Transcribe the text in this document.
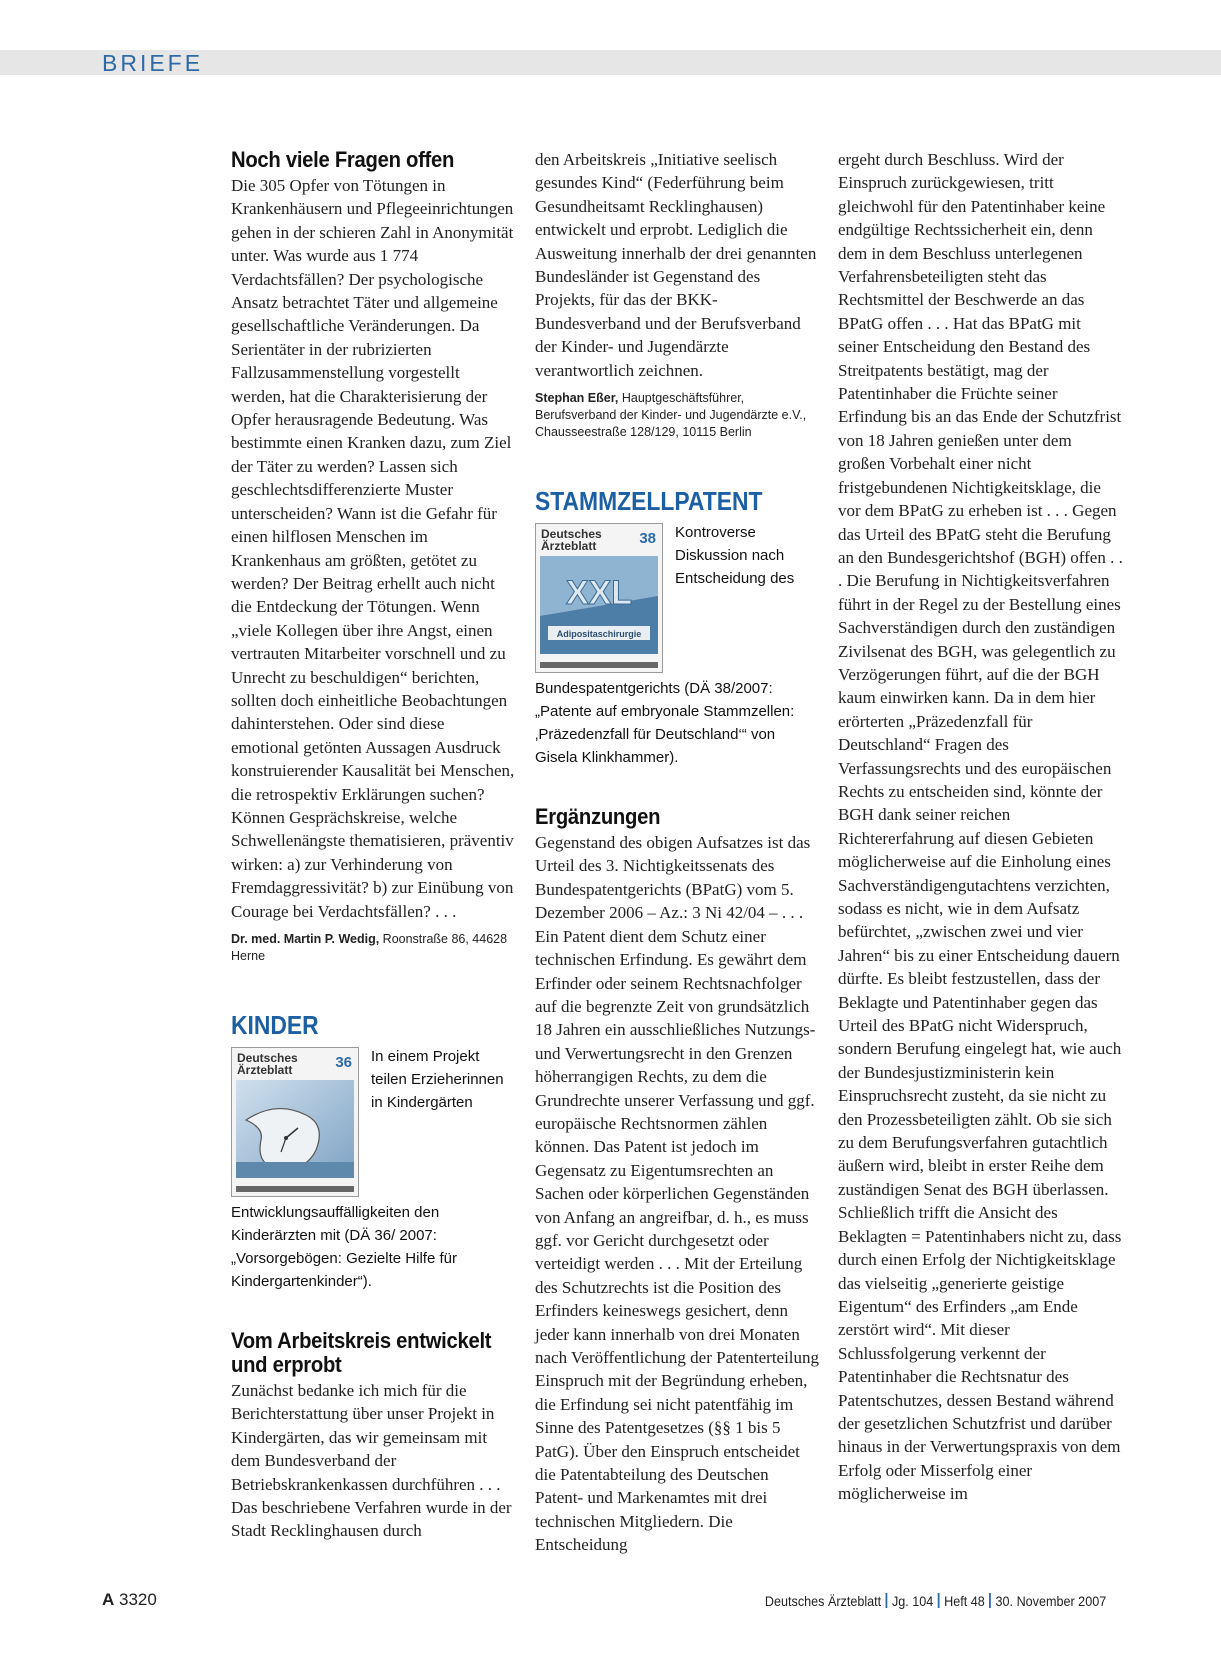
BRIEFE
Noch viele Fragen offen

Die 305 Opfer von Tötungen in Krankenhäusern und Pflegeeinrichtungen gehen in der schieren Zahl in Anonymität unter. Was wurde aus 1 774 Verdachtsfällen? Der psychologische Ansatz betrachtet Täter und allgemeine gesellschaftliche Veränderungen. Da Serientäter in der rubrizierten Fallzusammenstellung vorgestellt werden, hat die Charakterisierung der Opfer herausragende Bedeutung. Was bestimmte einen Kranken dazu, zum Ziel der Täter zu werden? Lassen sich geschlechtsdifferenzierte Muster unterscheiden? Wann ist die Gefahr für einen hilflosen Menschen im Krankenhaus am größten, getötet zu werden? Der Beitrag erhellt auch nicht die Entdeckung der Tötungen. Wenn „viele Kollegen über ihre Angst, einen vertrauten Mitarbeiter vorschnell und zu Unrecht zu beschuldigen“ berichten, sollten doch einheitliche Beobachtungen dahinterstehen. Oder sind diese emotional getönten Aussagen Ausdruck konstruierender Kausalität bei Menschen, die retrospektiv Erklärungen suchen? Können Gesprächskreise, welche Schwellenängste thematisieren, präventiv wirken: a) zur Verhinderung von Fremdaggressivität? b) zur Einübung von Courage bei Verdachtsfällen? . . .

Dr. med. Martin P. Wedig, Roonstraße 86, 44628 Herne

KINDER
Deutsches Ärzteblatt	36	In einem Projekt teilen Erzieherinnen in Kindergärten Entwicklungsauffälligkeiten den Kinderärzten mit (DÄ 36/ 2007: „Vorsorgebögen: Gezielte Hilfe für Kindergartenkinder“).

Vom Arbeitskreis entwickelt und erprobt

Zunächst bedanke ich mich für die Berichterstattung über unser Projekt in Kindergärten, das wir gemeinsam mit dem Bundesverband der Betriebskrankenkassen durchführen . . . Das beschriebene Verfahren wurde in der Stadt Recklinghausen durch

den Arbeitskreis „Initiative seelisch gesundes Kind“ (Federführung beim Gesundheitsamt Recklinghausen) entwickelt und erprobt. Lediglich die Ausweitung innerhalb der drei genannten Bundesländer ist Gegenstand des Projekts, für das der BKK-Bundesverband und der Berufsverband der Kinder- und Jugendärzte verantwortlich zeichnen.

Stephan Eßer, Hauptgeschäftsführer, Berufsverband der Kinder- und Jugendärzte e.V., Chausseestraße 128/129, 10115 Berlin

STAMMZELLPATENT
Deutsches Ärzteblatt	38
XXL
Adipositaschirurgie

Kontroverse Diskussion nach Entscheidung des Bundespatentgerichts (DÄ 38/2007: „Patente auf embryonale Stammzellen: ‚Präzedenzfall für Deutschland‘“ von Gisela Klinkhammer).

Ergänzungen

Gegenstand des obigen Aufsatzes ist das Urteil des 3. Nichtigkeitssenats des Bundespatentgerichts (BPatG) vom 5. Dezember 2006 – Az.: 3 Ni 42/04 – . . . Ein Patent dient dem Schutz einer technischen Erfindung. Es gewährt dem Erfinder oder seinem Rechtsnachfolger auf die begrenzte Zeit von grundsätzlich 18 Jahren ein ausschließliches Nutzungs- und Verwertungsrecht in den Grenzen höherrangigen Rechts, zu dem die Grundrechte unserer Verfassung und ggf. europäische Rechtsnormen zählen können. Das Patent ist jedoch im Gegensatz zu Eigentumsrechten an Sachen oder körperlichen Gegenständen von Anfang an angreifbar, d. h., es muss ggf. vor Gericht durchgesetzt oder verteidigt werden . . . Mit der Erteilung des Schutzrechts ist die Position des Erfinders keineswegs gesichert, denn jeder kann innerhalb von drei Monaten nach Veröffentlichung der Patenterteilung Einspruch mit der Begründung erheben, die Erfindung sei nicht patentfähig im Sinne des Patentgesetzes (§§ 1 bis 5 PatG). Über den Einspruch entscheidet die Patentabteilung des Deutschen Patent- und Markenamtes mit drei technischen Mitgliedern. Die Entscheidung

ergeht durch Beschluss. Wird der Einspruch zurückgewiesen, tritt gleichwohl für den Patentinhaber keine endgültige Rechtssicherheit ein, denn dem in dem Beschluss unterlegenen Verfahrensbeteiligten steht das Rechtsmittel der Beschwerde an das BPatG offen . . . Hat das BPatG mit seiner Entscheidung den Bestand des Streitpatents bestätigt, mag der Patentinhaber die Früchte seiner Erfindung bis an das Ende der Schutzfrist von 18 Jahren genießen unter dem großen Vorbehalt einer nicht fristgebundenen Nichtigkeitsklage, die vor dem BPatG zu erheben ist . . . Gegen das Urteil des BPatG steht die Berufung an den Bundesgerichtshof (BGH) offen . . . Die Berufung in Nichtigkeitsverfahren führt in der Regel zu der Bestellung eines Sachverständigen durch den zuständigen Zivilsenat des BGH, was gelegentlich zu Verzögerungen führt, auf die der BGH kaum einwirken kann. Da in dem hier erörterten „Präzedenzfall für Deutschland“ Fragen des Verfassungsrechts und des europäischen Rechts zu entscheiden sind, könnte der BGH dank seiner reichen Richtererfahrung auf diesen Gebieten möglicherweise auf die Einholung eines Sachverständigengutachtens verzichten, sodass es nicht, wie in dem Aufsatz befürchtet, „zwischen zwei und vier Jahren“ bis zu einer Entscheidung dauern dürfte. Es bleibt festzustellen, dass der Beklagte und Patentinhaber gegen das Urteil des BPatG nicht Widerspruch, sondern Berufung eingelegt hat, wie auch der Bundesjustizministerin kein Einspruchsrecht zusteht, da sie nicht zu den Prozessbeteiligten zählt. Ob sie sich zu dem Berufungsverfahren gutachtlich äußern wird, bleibt in erster Reihe dem zuständigen Senat des BGH überlassen. Schließlich trifft die Ansicht des Beklagten = Patentinhabers nicht zu, dass durch einen Erfolg der Nichtigkeitsklage das vielseitig „generierte geistige Eigentum“ des Erfinders „am Ende zerstört wird“. Mit dieser Schlussfolgerung verkennt der Patentinhaber die Rechtsnatur des Patentschutzes, dessen Bestand während der gesetzlichen Schutzfrist und darüber hinaus in der Verwertungspraxis von dem Erfolg oder Misserfolg einer möglicherweise im

A 3320	Deutsches Ärzteblatt Jg. 104 Heft 48 30. November 2007
